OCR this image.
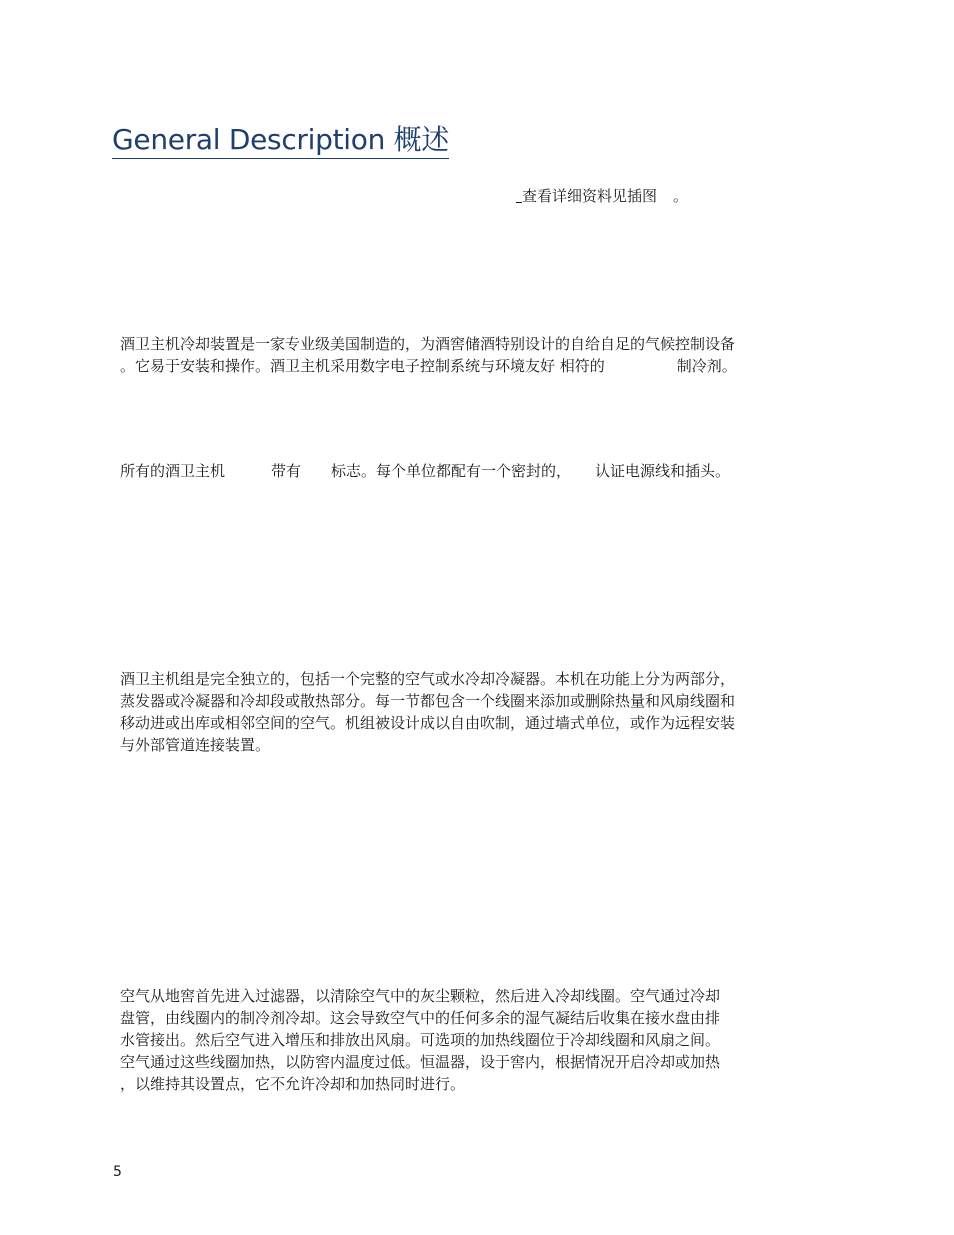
General Description 概述
查看详细资料见插图 。

酒卫主机冷却装置是一家专业级美国制造的，为酒窖储酒特别设计的自给自足的气候控制设备
。它易于安装和操作。酒卫主机采用数字电子控制系统与环境友好 相符的	制冷剂。

所有的酒卫主机	带有 标志。每个单位都配有一个密封的， 认证电源线和插头。

酒卫主机组是完全独立的，包括一个完整的空气或水冷却冷凝器。本机在功能上分为两部分，
蒸发器或冷凝器和冷却段或散热部分。每一节都包含一个线圈来添加或删除热量和风扇线圈和
移动进或出库或相邻空间的空气。机组被设计成以自由吹制，通过墙式单位，或作为远程安装
与外部管道连接装置。

空气从地窖首先进入过滤器，以清除空气中的灰尘颗粒，然后进入冷却线圈。空气通过冷却
盘管，由线圈内的制冷剂冷却。这会导致空气中的任何多余的湿气凝结后收集在接水盘由排
水管接出。然后空气进入增压和排放出风扇。可选项的加热线圈位于冷却线圈和风扇之间。
空气通过这些线圈加热，以防窖内温度过低。恒温器，设于窖内，根据情况开启冷却或加热
，以维持其设置点，它不允许冷却和加热同时进行。

5
